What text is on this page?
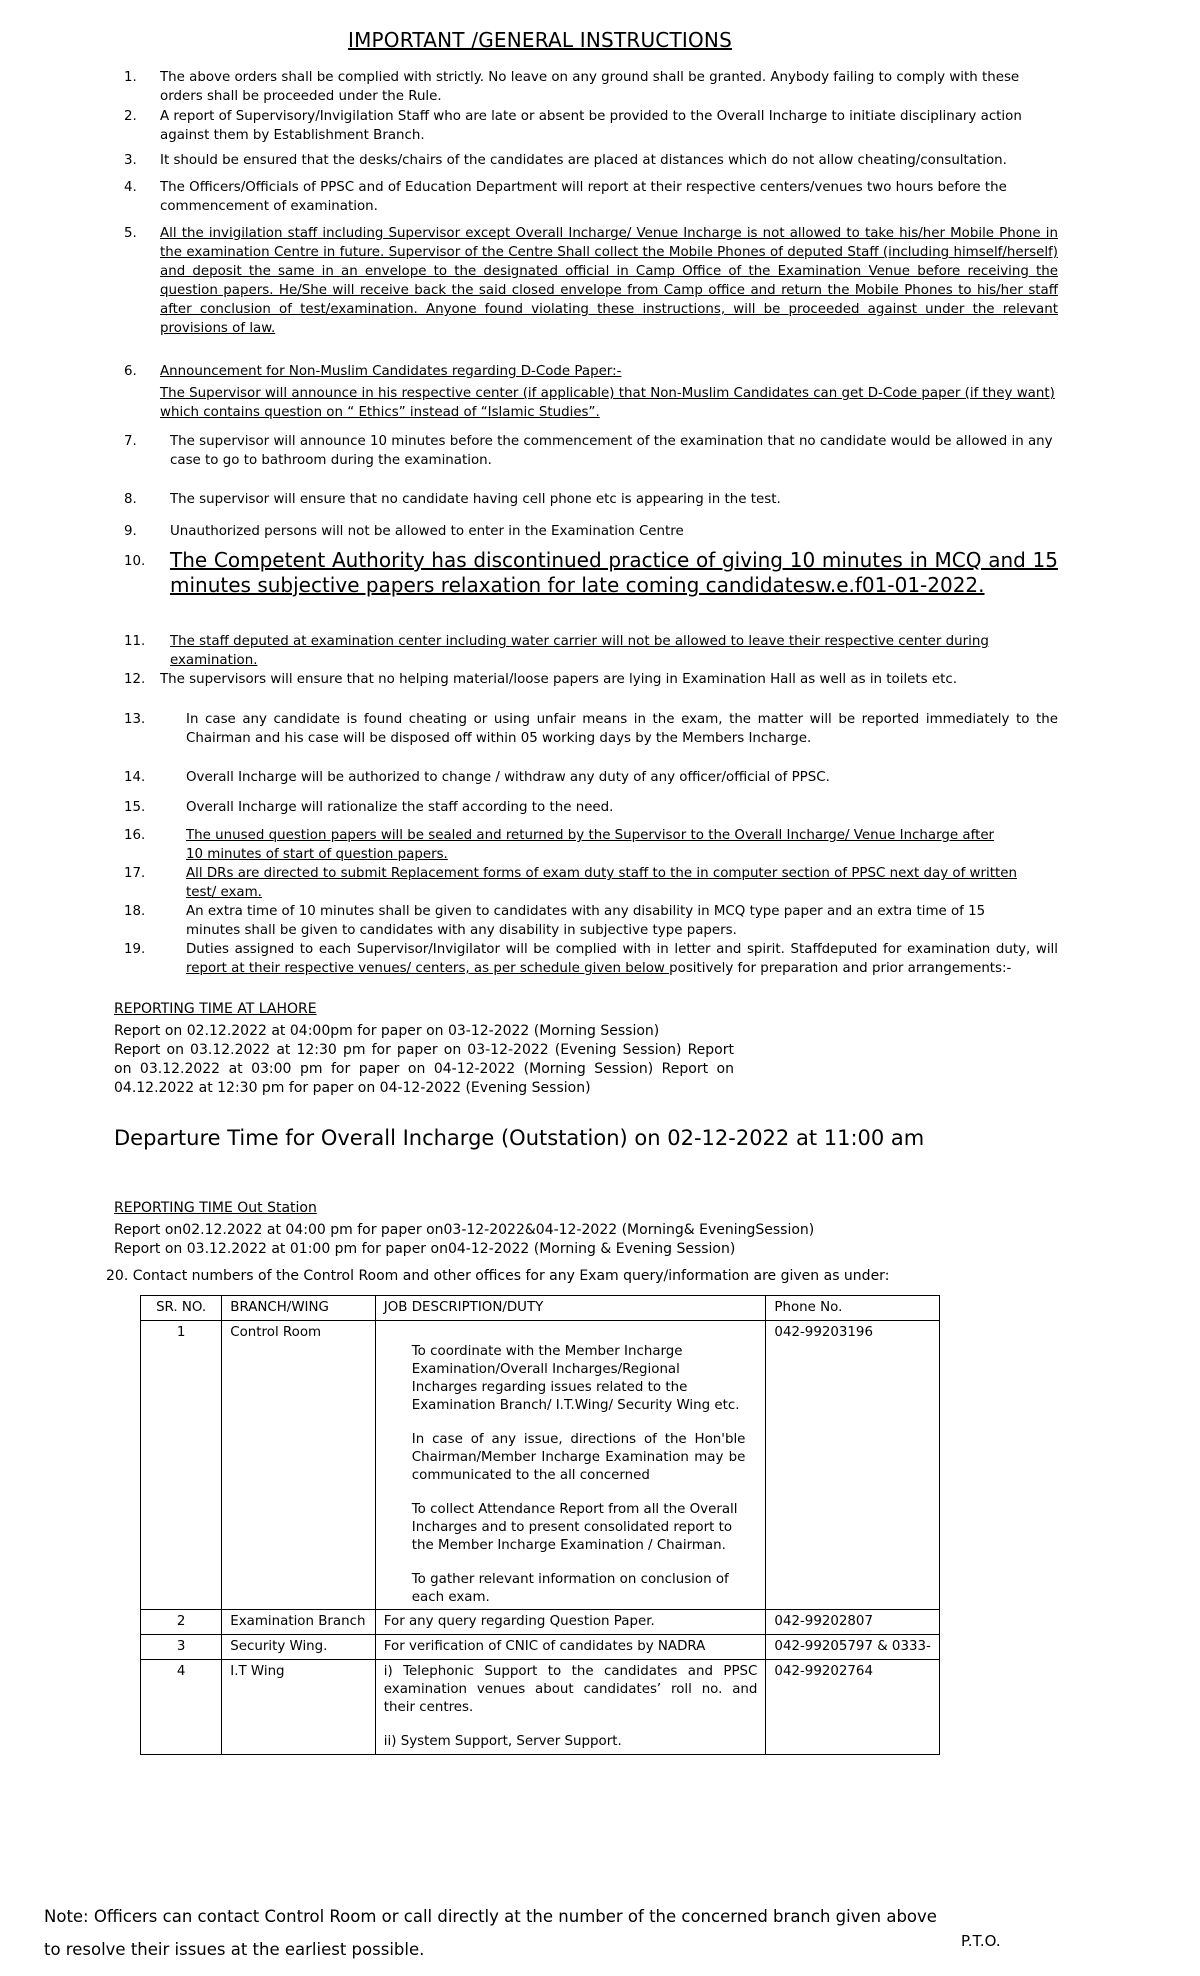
IMPORTANT /GENERAL INSTRUCTIONS
1.	The above orders shall be complied with strictly. No leave on any ground shall be granted. Anybody failing to comply with these orders shall be proceeded under the Rule.
2.	A report of Supervisory/Invigilation Staff who are late or absent be provided to the Overall Incharge to initiate disciplinary action against them by Establishment Branch.
3.	It should be ensured that the desks/chairs of the candidates are placed at distances which do not allow cheating/consultation.
4.	The Officers/Officials of PPSC and of Education Department will report at their respective centers/venues two hours before the commencement of examination.
5.	All the invigilation staff including Supervisor except Overall Incharge/ Venue Incharge is not allowed to take his/her Mobile Phone in the examination Centre in future. Supervisor of the Centre Shall collect the Mobile Phones of deputed Staff (including himself/herself) and deposit the same in an envelope to the designated official in Camp Office of the Examination Venue before receiving the question papers. He/She will receive back the said closed envelope from Camp office and return the Mobile Phones to his/her staff after conclusion of test/examination. Anyone found violating these instructions, will be proceeded against under the relevant provisions of law.
6.	Announcement for Non-Muslim Candidates regarding D-Code Paper:-
The Supervisor will announce in his respective center (if applicable) that Non-Muslim Candidates can get D-Code paper (if they want) which contains question on “ Ethics” instead of “Islamic Studies”.
7.	The supervisor will announce 10 minutes before the commencement of the examination that no candidate would be allowed in any case to go to bathroom during the examination.
8.	The supervisor will ensure that no candidate having cell phone etc is appearing in the test.
9.	Unauthorized persons will not be allowed to enter in the Examination Centre
10.	The Competent Authority has discontinued practice of giving 10 minutes in MCQ and 15 minutes subjective papers relaxation for late coming candidatesw.e.f01-01-2022.
11.	The staff deputed at examination center including water carrier will not be allowed to leave their respective center during examination.
12.	The supervisors will ensure that no helping material/loose papers are lying in Examination Hall as well as in toilets etc.
13.	In case any candidate is found cheating or using unfair means in the exam, the matter will be reported immediately to the Chairman and his case will be disposed off within 05 working days by the Members Incharge.
14.	Overall Incharge will be authorized to change / withdraw any duty of any officer/official of PPSC.
15.	Overall Incharge will rationalize the staff according to the need.
16.	The unused question papers will be sealed and returned by the Supervisor to the Overall Incharge/ Venue Incharge after 10 minutes of start of question papers.
17.	All DRs are directed to submit Replacement forms of exam duty staff to the in computer section of PPSC next day of written test/ exam.
18.	An extra time of 10 minutes shall be given to candidates with any disability in MCQ type paper and an extra time of 15 minutes shall be given to candidates with any disability in subjective type papers.
19.	Duties assigned to each Supervisor/Invigilator will be complied with in letter and spirit. Staffdeputed for examination duty, will report at their respective venues/ centers, as per schedule given below positively for preparation and prior arrangements:-
REPORTING TIME AT LAHORE
Report on 02.12.2022 at 04:00pm for paper on 03-12-2022 (Morning Session)
Report on 03.12.2022 at 12:30 pm for paper on 03-12-2022 (Evening Session) Report on 03.12.2022 at 03:00 pm for paper on 04-12-2022 (Morning Session) Report on 04.12.2022 at 12:30 pm for paper on 04-12-2022 (Evening Session)
Departure Time for Overall Incharge (Outstation) on 02-12-2022 at 11:00 am
REPORTING TIME Out Station
Report on02.12.2022 at 04:00 pm for paper on03-12-2022&04-12-2022 (Morning& EveningSession)
Report on 03.12.2022 at 01:00 pm for paper on04-12-2022 (Morning & Evening Session)
20. Contact numbers of the Control Room and other offices for any Exam query/information are given as under:
SR. NO.	BRANCH/WING	JOB DESCRIPTION/DUTY	Phone No.
1	Control Room	To coordinate with the Member Incharge Examination/Overall Incharges/Regional Incharges regarding issues related to the Examination Branch/ I.T.Wing/ Security Wing etc.

In case of any issue, directions of the Hon'ble Chairman/Member Incharge Examination may be communicated to the all concerned

To collect Attendance Report from all the Overall Incharges and to present consolidated report to the Member Incharge Examination / Chairman.

To gather relevant information on conclusion of each exam.	042-99203196
2	Examination Branch	For any query regarding Question Paper.	042-99202807
3	Security Wing.	For verification of CNIC of candidates by NADRA	042-99205797 & 0333-
4	I.T Wing	i) Telephonic Support to the candidates and PPSC examination venues about candidates’ roll no. and their centres.

ii) System Support, Server Support.	042-99202764
Note: Officers can contact Control Room or call directly at the number of the concerned branch given above
to resolve their issues at the earliest possible.	P.T.O.
